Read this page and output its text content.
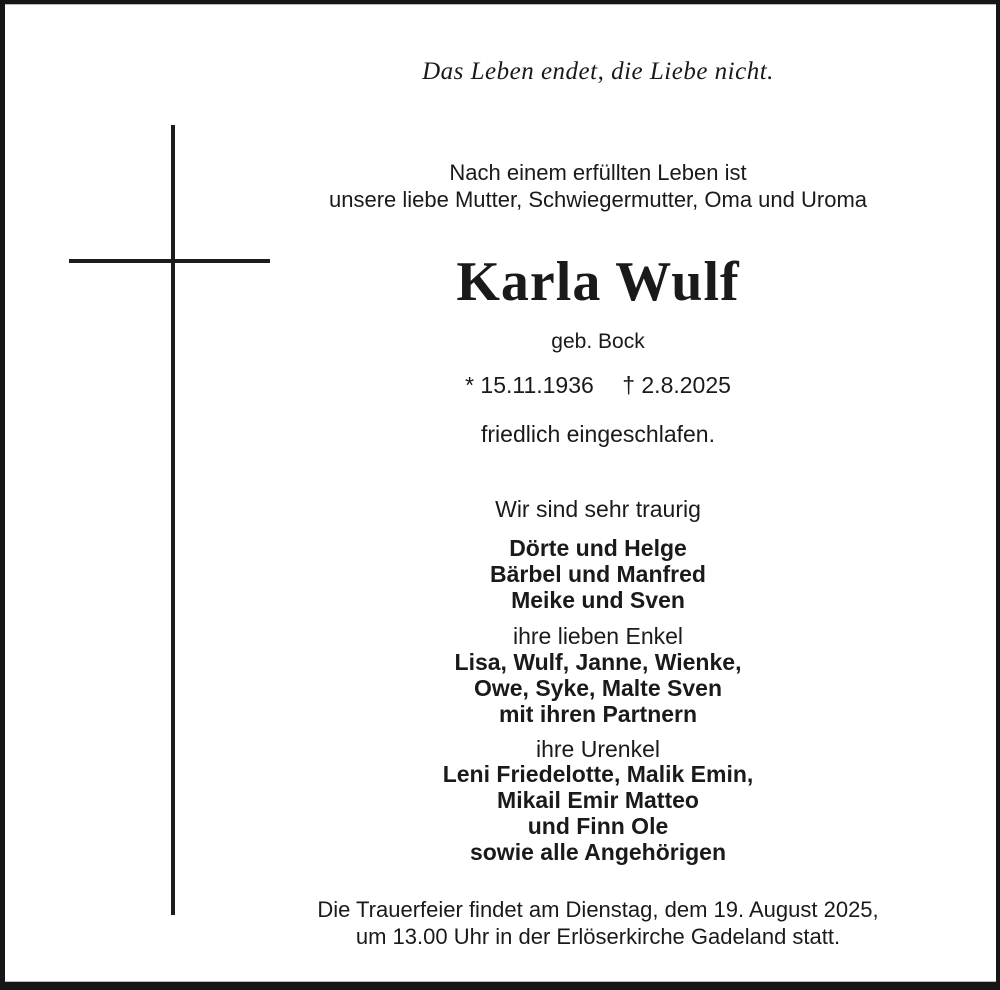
Das Leben endet, die Liebe nicht.
Nach einem erfüllten Leben ist
unsere liebe Mutter, Schwiegermutter, Oma und Uroma
Karla Wulf
geb. Bock
* 15.11.1936 † 2.8.2025
friedlich eingeschlafen.
Wir sind sehr traurig
Dörte und Helge
Bärbel und Manfred
Meike und Sven
ihre lieben Enkel
Lisa, Wulf, Janne, Wienke,
Owe, Syke, Malte Sven
mit ihren Partnern
ihre Urenkel
Leni Friedelotte, Malik Emin,
Mikail Emir Matteo
und Finn Ole
sowie alle Angehörigen
Die Trauerfeier findet am Dienstag, dem 19. August 2025,
um 13.00 Uhr in der Erlöserkirche Gadeland statt.
